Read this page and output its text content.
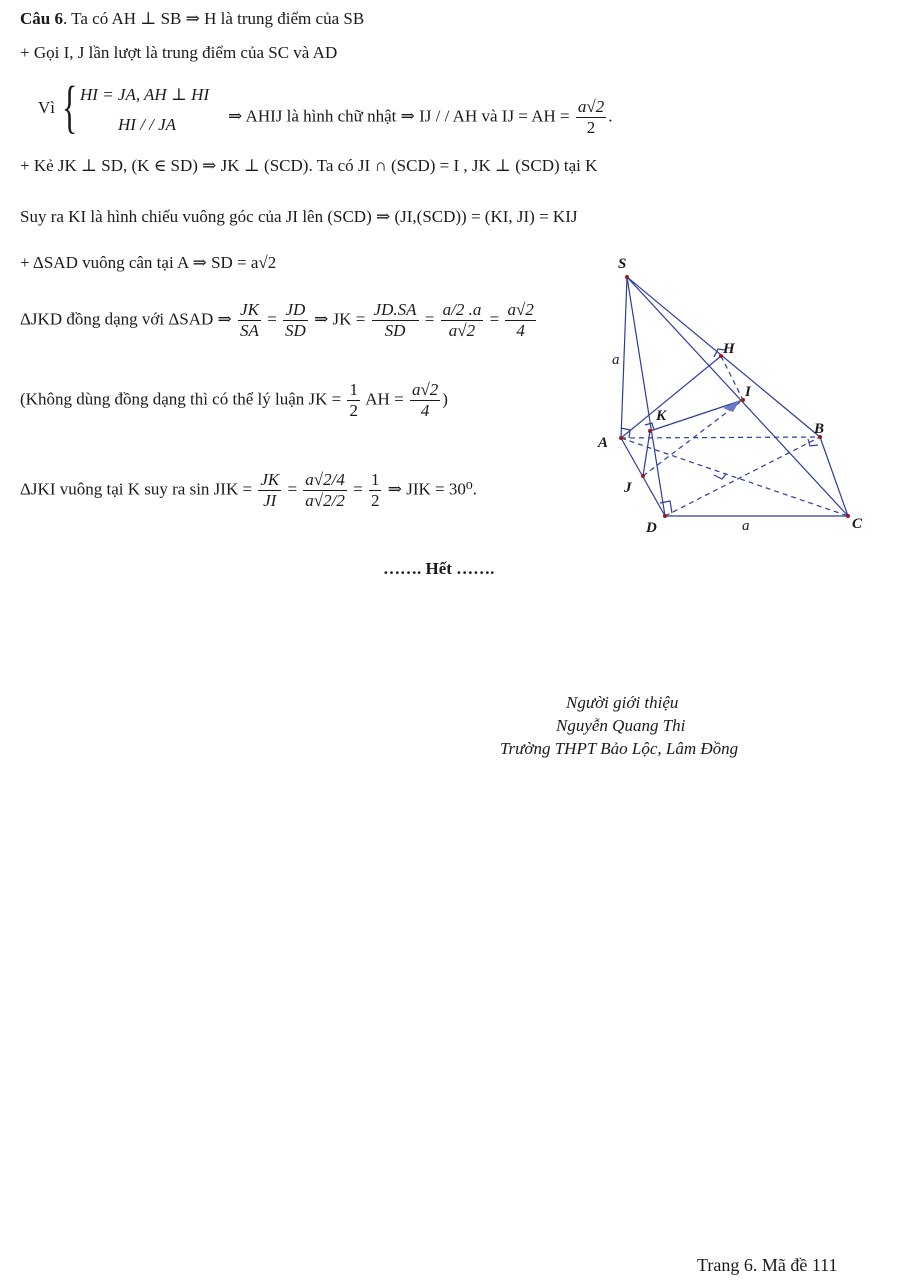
Câu 6. Ta có AH ⊥ SB ⇒ H là trung điểm của SB
+ Gọi I, J lần lượt là trung điểm của SC và AD
Vì { HI = JA, AH ⊥ HI
HI / / JA	⇒ AHIJ là hình chữ nhật ⇒ IJ / / AH và IJ = AH = $\frac{a√2}{2}$ .
+ Kẻ JK ⊥ SD, (K ∈ SD) ⇒ JK ⊥ (SCD). Ta có JI ∩ (SCD) = I , JK ⊥ (SCD) tại K
Suy ra KI là hình chiếu vuông góc của JI lên (SCD) ⇒ (JI,(SCD)) = (KI, JI) = KIJ
+ ΔSAD vuông cân tại A ⇒ SD = a√2
ΔJKD đồng dạng với ΔSAD ⇒ $\frac{JK}{SA} = \frac{JD}{SD}$ ⇒ JK = $\frac{JD.SA}{SD} = \frac{a/2 .a}{a√2} = \frac{a√2}{4}$
(Không dùng đồng dạng thì có thể lý luận JK = $\frac{1}{2}$ AH = $\frac{a√2}{4}$ )
ΔJKI vuông tại K suy ra sin JIK = $\frac{JK}{JI} = \frac{a√2/4}{a√2/2} = \frac{1}{2}$ ⇒ JIK = 30⁰.
……. Hết …….
Người giới thiệu
Nguyễn Quang Thi
Trường THPT Bảo Lộc, Lâm Đồng
Trang 6. Mã đề 111
S
H
I
K
A
B
J
D	C
a
a
